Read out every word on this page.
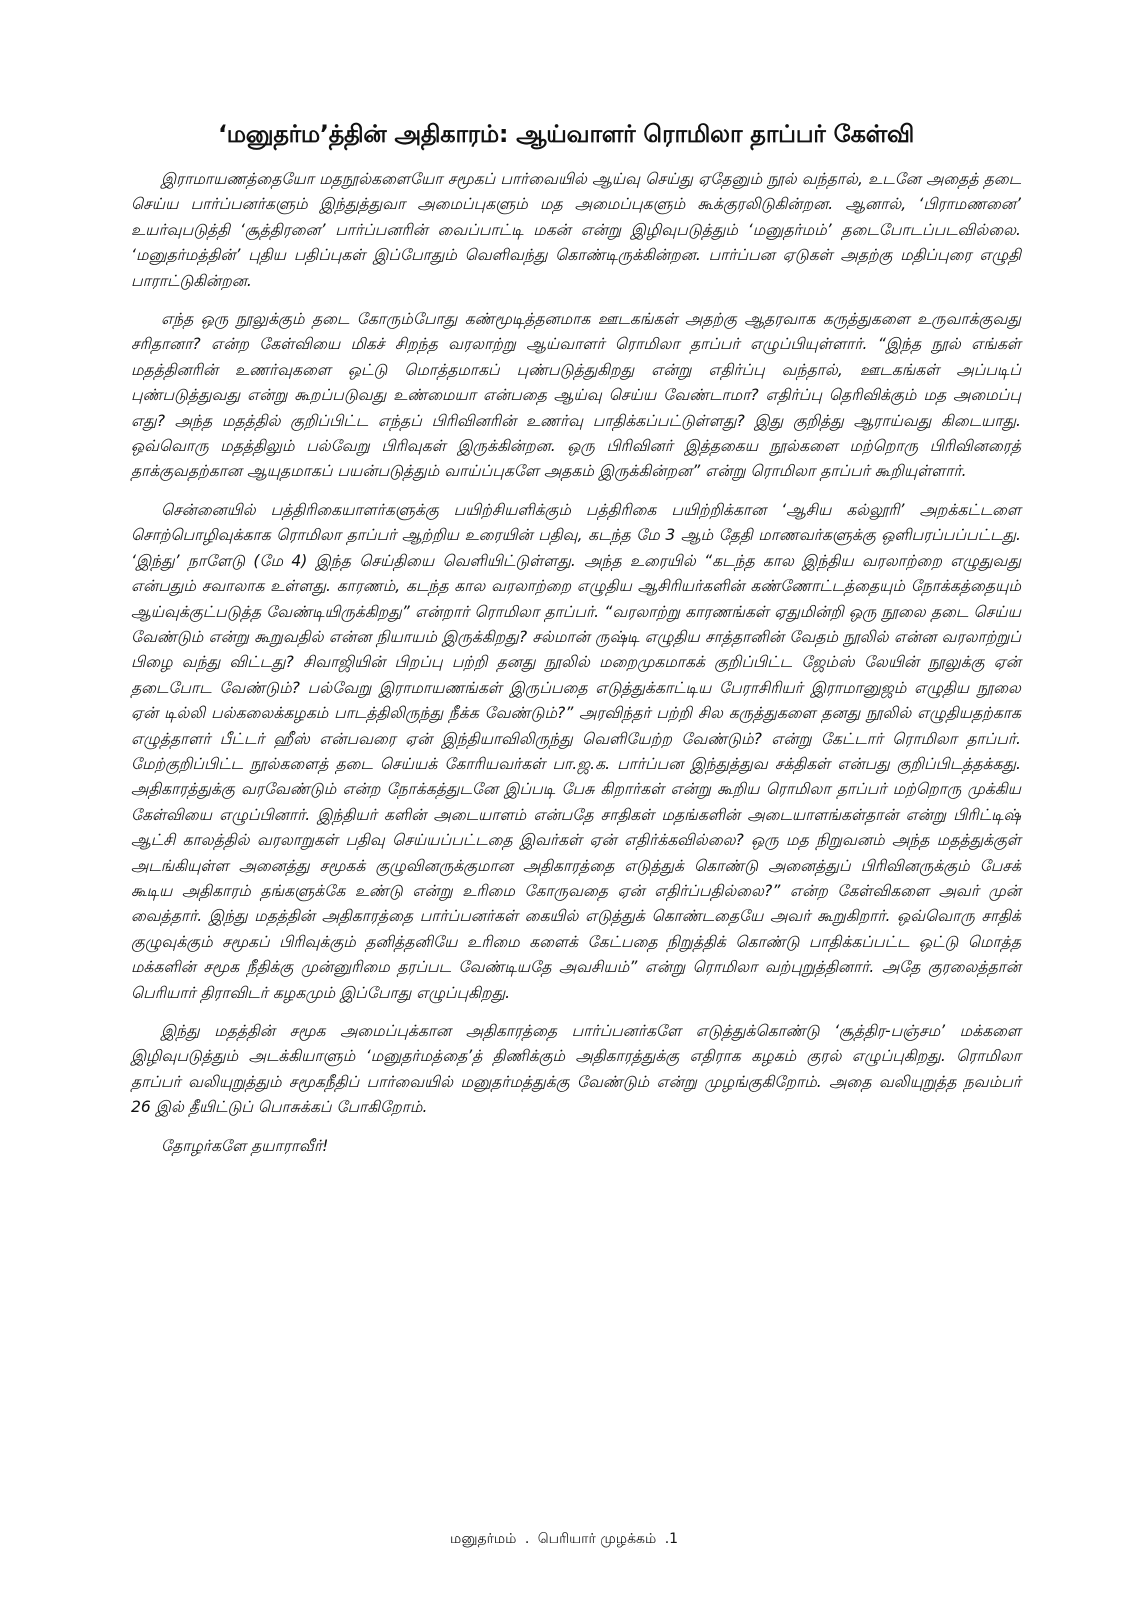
‘மனுதர்ம’த்தின் அதிகாரம்: ஆய்வாளர் ரொமிலா தாப்பர் கேள்வி

இராமாயணத்தையோ மதநூல்களையோ சமூகப் பார்வையில் ஆய்வு செய்து ஏதேனும் நூல் வந்தால், உடனே அதைத் தடை செய்ய பார்ப்பனர்களும் இந்துத்துவா அமைப்புகளும் மத அமைப்புகளும் கூக்குரலிடுகின்றன. ஆனால், ‘பிராமணனை’ உயர்வுபடுத்தி ‘சூத்திரனை’ பார்ப்பனரின் வைப்பாட்டி மகன் என்று இழிவுபடுத்தும் ‘மனுதர்மம்’ தடைபோடப்படவில்லை. ‘மனுதர்மத்தின்’ புதிய பதிப்புகள் இப்போதும் வெளிவந்து கொண்டிருக்கின்றன. பார்ப்பன ஏடுகள் அதற்கு மதிப்புரை எழுதி பாராட்டுகின்றன.

எந்த ஒரு நூலுக்கும் தடை கோரும்போது கண்மூடித்தனமாக ஊடகங்கள் அதற்கு ஆதரவாக கருத்துகளை உருவாக்குவது சரிதானா? என்ற கேள்வியை மிகச் சிறந்த வரலாற்று ஆய்வாளர் ரொமிலா தாப்பர் எழுப்பியுள்ளார். “இந்த நூல் எங்கள் மதத்தினரின் உணர்வுகளை ஒட்டு மொத்தமாகப் புண்படுத்துகிறது என்று எதிர்ப்பு வந்தால், ஊடகங்கள் அப்படிப் புண்படுத்துவது என்று கூறப்படுவது உண்மையா என்பதை ஆய்வு செய்ய வேண்டாமா? எதிர்ப்பு தெரிவிக்கும் மத அமைப்பு எது? அந்த மதத்தில் குறிப்பிட்ட எந்தப் பிரிவினரின் உணர்வு பாதிக்கப்பட்டுள்ளது? இது குறித்து ஆராய்வது கிடையாது. ஒவ்வொரு மதத்திலும் பல்வேறு பிரிவுகள் இருக்கின்றன. ஒரு பிரிவினர் இத்தகைய நூல்களை மற்றொரு பிரிவினரைத் தாக்குவதற்கான ஆயுதமாகப் பயன்படுத்தும் வாய்ப்புகளே அதகம் இருக்கின்றன” என்று ரொமிலா தாப்பர் கூறியுள்ளார்.

சென்னையில் பத்திரிகையாளர்களுக்கு பயிற்சியளிக்கும் பத்திரிகை பயிற்றிக்கான ‘ஆசிய கல்லூரி’ அறக்கட்டளை சொற்பொழிவுக்காக ரொமிலா தாப்பர் ஆற்றிய உரையின் பதிவு, கடந்த மே 3 ஆம் தேதி மாணவர்களுக்கு ஒளிபரப்பப்பட்டது. ‘இந்து’ நாளேடு (மே 4) இந்த செய்தியை வெளியிட்டுள்ளது. அந்த உரையில் “கடந்த கால இந்திய வரலாற்றை எழுதுவது என்பதும் சவாலாக உள்ளது. காரணம், கடந்த கால வரலாற்றை எழுதிய ஆசிரியர்களின் கண்ணோட்டத்தையும் நோக்கத்தையும் ஆய்வுக்குட்படுத்த வேண்டியிருக்கிறது” என்றார் ரொமிலா தாப்பர். “வரலாற்று காரணங்கள் ஏதுமின்றி ஒரு நூலை தடை செய்ய வேண்டும் என்று கூறுவதில் என்ன நியாயம் இருக்கிறது? சல்மான் ருஷ்டி எழுதிய சாத்தானின் வேதம் நூலில் என்ன வரலாற்றுப் பிழை வந்து விட்டது? சிவாஜியின் பிறப்பு பற்றி தனது நூலில் மறைமுகமாகக் குறிப்பிட்ட ஜேம்ஸ் லேயின் நூலுக்கு ஏன் தடைபோட வேண்டும்? பல்வேறு இராமாயணங்கள் இருப்பதை எடுத்துக்காட்டிய பேராசிரியர் இராமானுஜம் எழுதிய நூலை ஏன் டில்லி பல்கலைக்கழகம் பாடத்திலிருந்து நீக்க வேண்டும்?” அரவிந்தர் பற்றி சில கருத்துகளை தனது நூலில் எழுதியதற்காக எழுத்தாளர் பீட்டர் ஹீஸ் என்பவரை ஏன் இந்தியாவிலிருந்து வெளியேற்ற வேண்டும்? என்று கேட்டார் ரொமிலா தாப்பர். மேற்குறிப்பிட்ட நூல்களைத் தடை செய்யக் கோரியவர்கள் பா.ஜ.க. பார்ப்பன இந்துத்துவ சக்திகள் என்பது குறிப்பிடத்தக்கது. அதிகாரத்துக்கு வரவேண்டும் என்ற நோக்கத்துடனே இப்படி பேசு கிறார்கள் என்று கூறிய ரொமிலா தாப்பர் மற்றொரு முக்கிய கேள்வியை எழுப்பினார். இந்தியர் களின் அடையாளம் என்பதே சாதிகள் மதங்களின் அடையாளங்கள்தான் என்று பிரிட்டிஷ் ஆட்சி காலத்தில் வரலாறுகள் பதிவு செய்யப்பட்டதை இவர்கள் ஏன் எதிர்க்கவில்லை? ஒரு மத நிறுவனம் அந்த மதத்துக்குள் அடங்கியுள்ள அனைத்து சமூகக் குழுவினருக்குமான அதிகாரத்தை எடுத்துக் கொண்டு அனைத்துப் பிரிவினருக்கும் பேசக் கூடிய அதிகாரம் தங்களுக்கே உண்டு என்று உரிமை கோருவதை ஏன் எதிர்ப்பதில்லை?” என்ற கேள்விகளை அவர் முன் வைத்தார். இந்து மதத்தின் அதிகாரத்தை பார்ப்பனர்கள் கையில் எடுத்துக் கொண்டதையே அவர் கூறுகிறார். ஒவ்வொரு சாதிக் குழுவுக்கும் சமூகப் பிரிவுக்கும் தனித்தனியே உரிமை களைக் கேட்பதை நிறுத்திக் கொண்டு பாதிக்கப்பட்ட ஒட்டு மொத்த மக்களின் சமூக நீதிக்கு முன்னுரிமை தரப்பட வேண்டியதே அவசியம்” என்று ரொமிலா வற்புறுத்தினார். அதே குரலைத்தான் பெரியார் திராவிடர் கழகமும் இப்போது எழுப்புகிறது.

இந்து மதத்தின் சமூக அமைப்புக்கான அதிகாரத்தை பார்ப்பனர்களே எடுத்துக்கொண்டு ‘சூத்திர-பஞ்சம’ மக்களை இழிவுபடுத்தும் அடக்கியாளும் ‘மனுதர்மத்தை’த் திணிக்கும் அதிகாரத்துக்கு எதிராக கழகம் குரல் எழுப்புகிறது. ரொமிலா தாப்பர் வலியுறுத்தும் சமூகநீதிப் பார்வையில் மனுதர்மத்துக்கு வேண்டும் என்று முழங்குகிறோம். அதை வலியுறுத்த நவம்பர் 26 இல் தீயிட்டுப் பொசுக்கப் போகிறோம்.

தோழர்களே தயாராவீர்!

மனுதர்மம் . பெரியார் முழக்கம் .1
